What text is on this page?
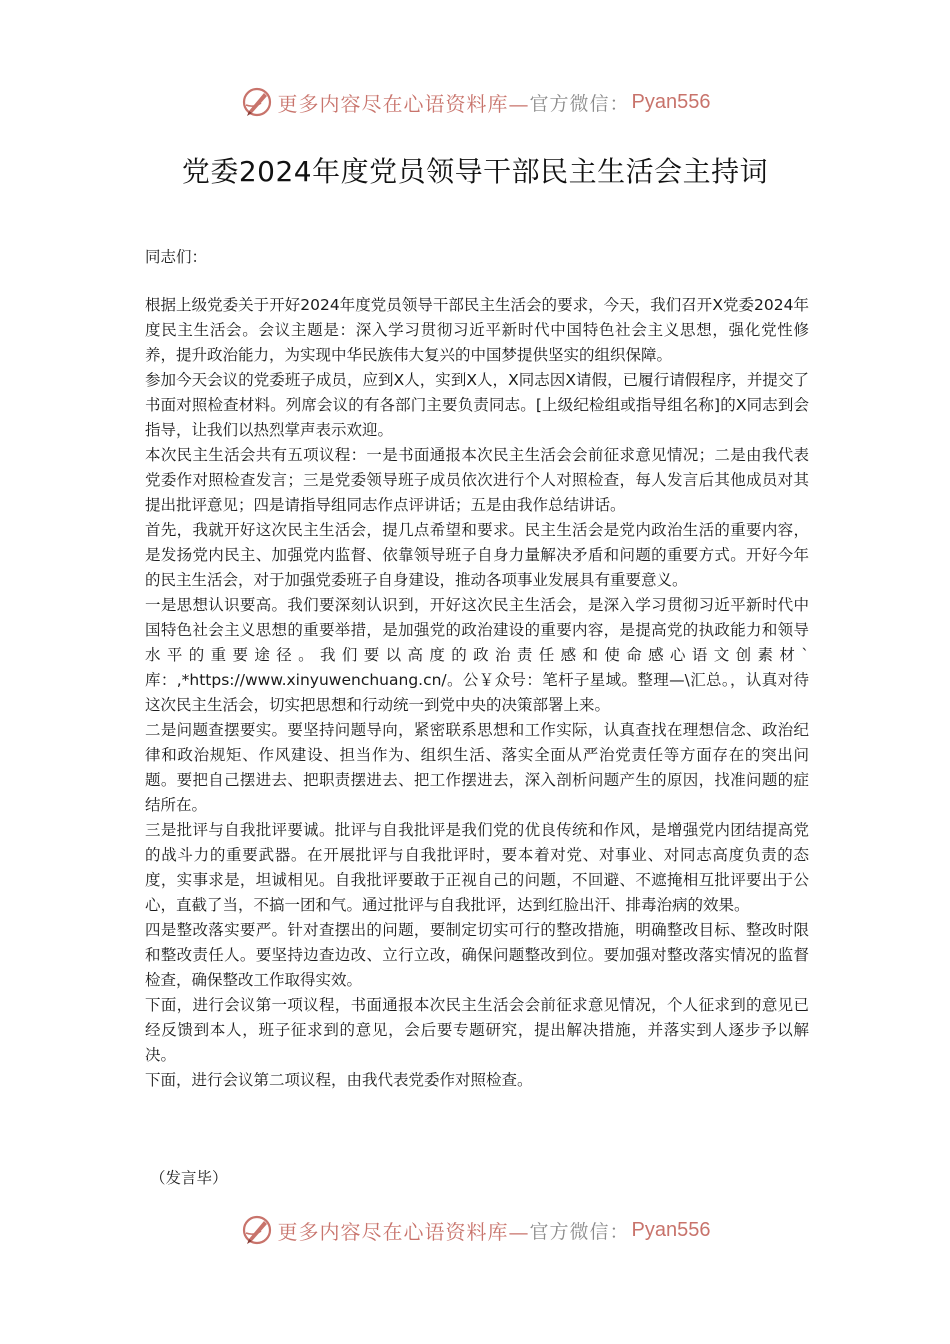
更多内容尽在心语资料库— 官方微信： Pyan556
党委2024年度党员领导干部民主生活会主持词
同志们：

根据上级党委关于开好2024年度党员领导干部民主生活会的要求，今天，我们召开X党委2024年度民主生活会。会议主题是：深入学习贯彻习近平新时代中国特色社会主义思想，强化党性修养，提升政治能力，为实现中华民族伟大复兴的中国梦提供坚实的组织保障。

参加今天会议的党委班子成员，应到X人，实到X人，X同志因X请假，已履行请假程序，并提交了书面对照检查材料。列席会议的有各部门主要负责同志。[上级纪检组或指导组名称]的X同志到会指导，让我们以热烈掌声表示欢迎。

本次民主生活会共有五项议程：一是书面通报本次民主生活会会前征求意见情况；二是由我代表党委作对照检查发言；三是党委领导班子成员依次进行个人对照检查，每人发言后其他成员对其提出批评意见；四是请指导组同志作点评讲话；五是由我作总结讲话。

首先，我就开好这次民主生活会，提几点希望和要求。民主生活会是党内政治生活的重要内容，是发扬党内民主、加强党内监督、依靠领导班子自身力量解决矛盾和问题的重要方式。开好今年的民主生活会，对于加强党委班子自身建设，推动各项事业发展具有重要意义。

一是思想认识要高。我们要深刻认识到，开好这次民主生活会，是深入学习贯彻习近平新时代中国特色社会主义思想的重要举措，是加强党的政治建设的重要内容，是提高党的执政能力和领导水平的重要途径。我们要以高度的政治责任感和使命感心语文创素材`库：,*https://www.xinyuwenchuang.cn/。公￥众号：笔杆子星域。整理—\汇总。，认真对待这次民主生活会，切实把思想和行动统一到党中央的决策部署上来。

二是问题查摆要实。要坚持问题导向，紧密联系思想和工作实际，认真查找在理想信念、政治纪律和政治规矩、作风建设、担当作为、组织生活、落实全面从严治党责任等方面存在的突出问题。要把自己摆进去、把职责摆进去、把工作摆进去，深入剖析问题产生的原因，找准问题的症结所在。

三是批评与自我批评要诚。批评与自我批评是我们党的优良传统和作风，是增强党内团结提高党的战斗力的重要武器。在开展批评与自我批评时，要本着对党、对事业、对同志高度负责的态度，实事求是，坦诚相见。自我批评要敢于正视自己的问题，不回避、不遮掩相互批评要出于公心，直截了当，不搞一团和气。通过批评与自我批评，达到红脸出汗、排毒治病的效果。

四是整改落实要严。针对查摆出的问题，要制定切实可行的整改措施，明确整改目标、整改时限和整改责任人。要坚持边查边改、立行立改，确保问题整改到位。要加强对整改落实情况的监督检查，确保整改工作取得实效。

下面，进行会议第一项议程，书面通报本次民主生活会会前征求意见情况，个人征求到的意见已经反馈到本人，班子征求到的意见，会后要专题研究，提出解决措施，并落实到人逐步予以解决。

下面，进行会议第二项议程，由我代表党委作对照检查。

（发言毕）
更多内容尽在心语资料库— 官方微信： Pyan556
